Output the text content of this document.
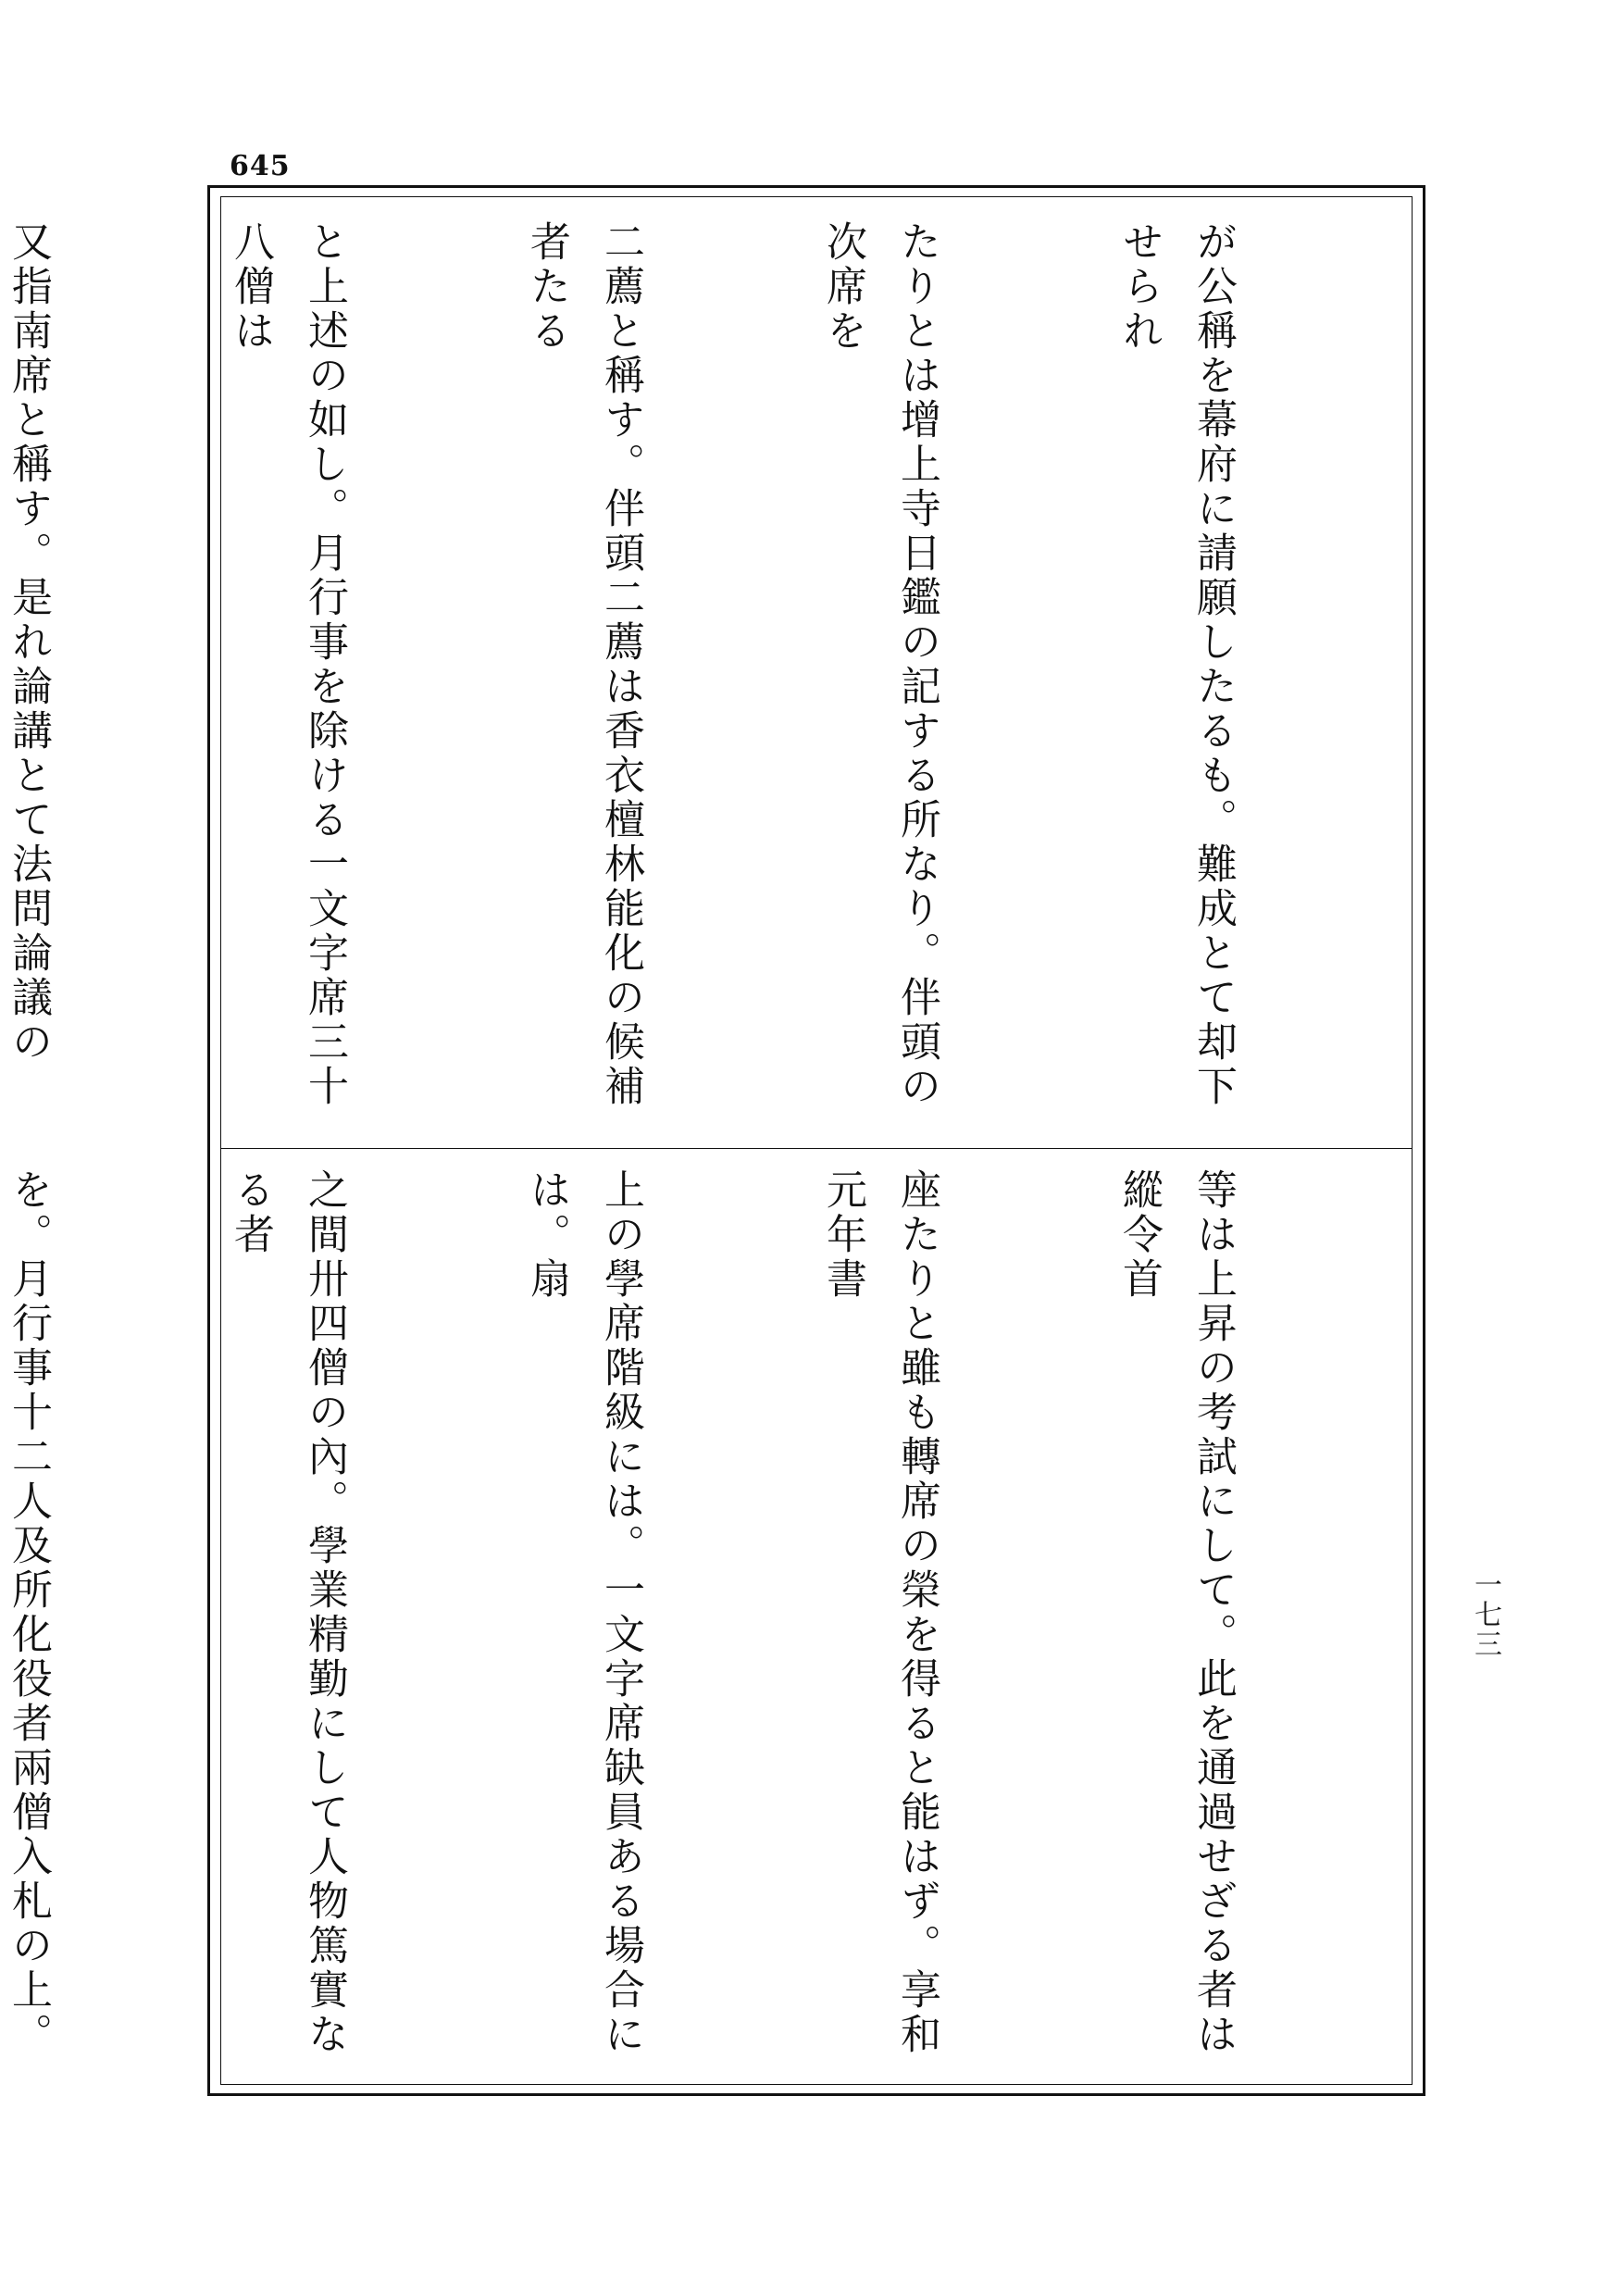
645

が公稱を幕府に請願したるも。難成とて却下せられ

たりとは增上寺日鑑の記する所なり。伴頭の次席を

二薦と稱す。伴頭二薦は香衣檀林能化の候補者たる

と上述の如し。月行事を除ける一文字席三十八僧は

又指南席と稱す。是れ論講とて法問論議の

等は上昇の考試にして。此を通過せざる者は縱令首

座たりと雖も轉席の榮を得ると能はず。享和元年書

上の學席階級には。一文字席缺員ある場合には。扇

之間卅四僧の內。學業精勤にして人物篤實なる者

を。月行事十二人及所化役者兩僧入札の上。

一七三
